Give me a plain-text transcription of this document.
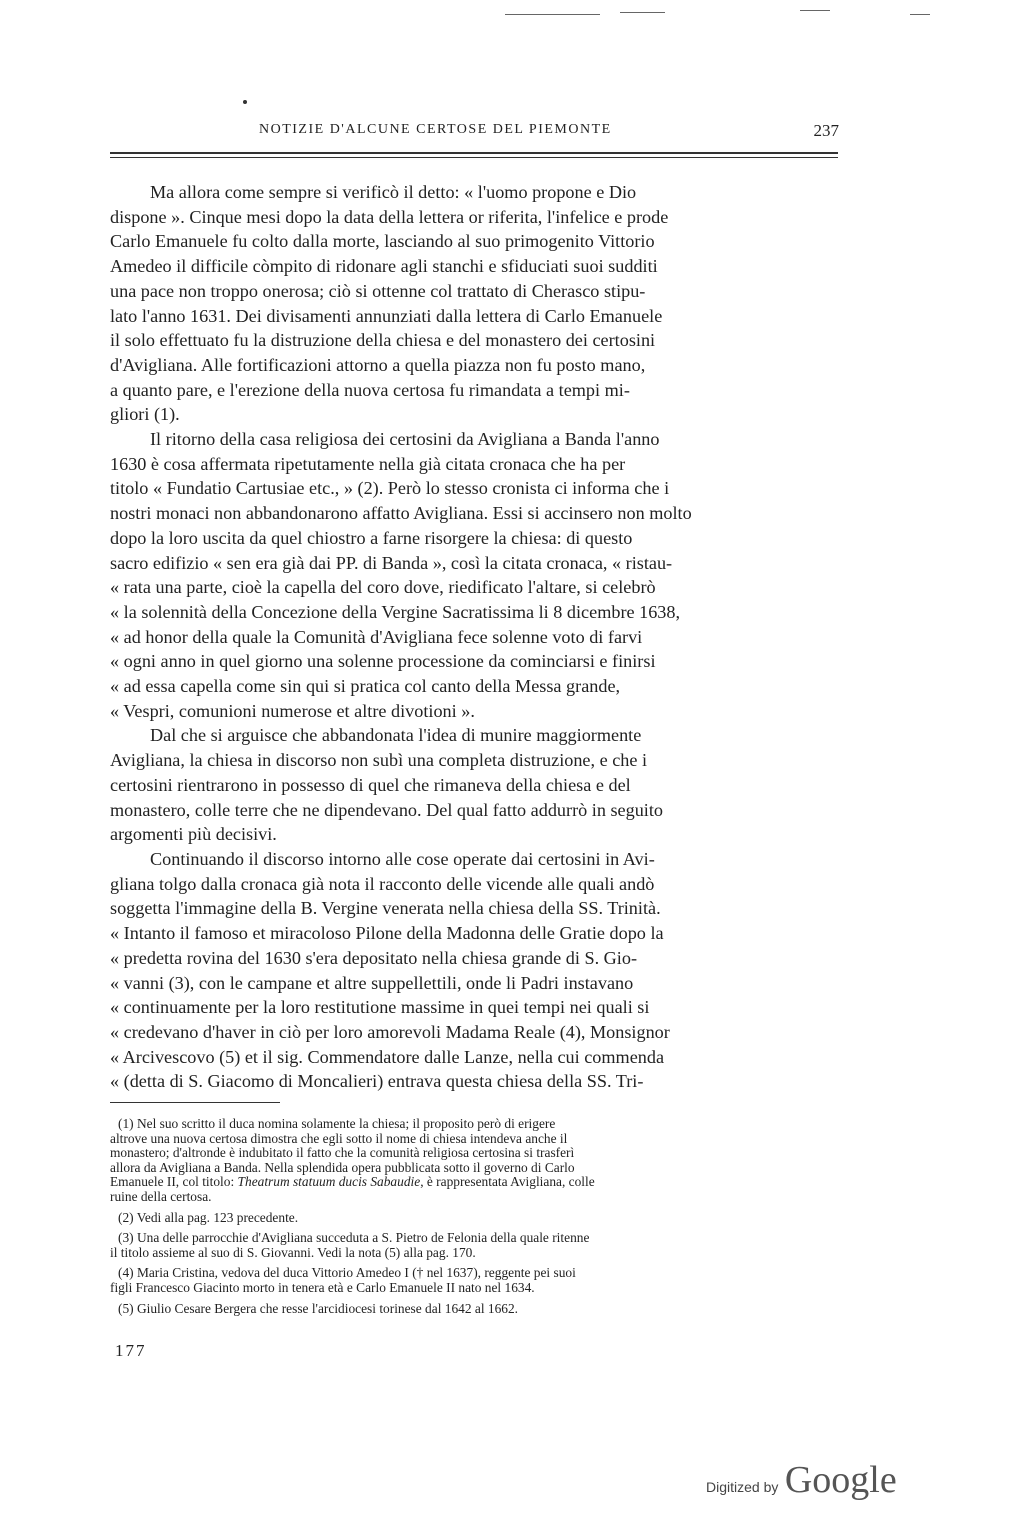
NOTIZIE D'ALCUNE CERTOSE DEL PIEMONTE	237
Ma allora come sempre si verificò il detto: « l'uomo propone e Dio
dispone ». Cinque mesi dopo la data della lettera or riferita, l'infelice e prode
Carlo Emanuele fu colto dalla morte, lasciando al suo primogenito Vittorio
Amedeo il difficile còmpito di ridonare agli stanchi e sfiduciati suoi sudditi
una pace non troppo onerosa; ciò si ottenne col trattato di Cherasco stipu-
lato l'anno 1631. Dei divisamenti annunziati dalla lettera di Carlo Emanuele
il solo effettuato fu la distruzione della chiesa e del monastero dei certosini
d'Avigliana. Alle fortificazioni attorno a quella piazza non fu posto mano,
a quanto pare, e l'erezione della nuova certosa fu rimandata a tempi mi-
gliori (1).
Il ritorno della casa religiosa dei certosini da Avigliana a Banda l'anno
1630 è cosa affermata ripetutamente nella già citata cronaca che ha per
titolo « Fundatio Cartusiae etc., » (2). Però lo stesso cronista ci informa che i
nostri monaci non abbandonarono affatto Avigliana. Essi si accinsero non molto
dopo la loro uscita da quel chiostro a farne risorgere la chiesa: di questo
sacro edifizio « sen era già dai PP. di Banda », così la citata cronaca, « ristau-
« rata una parte, cioè la capella del coro dove, riedificato l'altare, si celebrò
« la solennità della Concezione della Vergine Sacratissima li 8 dicembre 1638,
« ad honor della quale la Comunità d'Avigliana fece solenne voto di farvi
« ogni anno in quel giorno una solenne processione da cominciarsi e finirsi
« ad essa capella come sin qui si pratica col canto della Messa grande,
« Vespri, comunioni numerose et altre divotioni ».
Dal che si arguisce che abbandonata l'idea di munire maggiormente
Avigliana, la chiesa in discorso non subì una completa distruzione, e che i
certosini rientrarono in possesso di quel che rimaneva della chiesa e del
monastero, colle terre che ne dipendevano. Del qual fatto addurrò in seguito
argomenti più decisivi.
Continuando il discorso intorno alle cose operate dai certosini in Avi-
gliana tolgo dalla cronaca già nota il racconto delle vicende alle quali andò
soggetta l'immagine della B. Vergine venerata nella chiesa della SS. Trinità.
« Intanto il famoso et miracoloso Pilone della Madonna delle Gratie dopo la
« predetta rovina del 1630 s'era depositato nella chiesa grande di S. Gio-
« vanni (3), con le campane et altre suppellettili, onde li Padri instavano
« continuamente per la loro restitutione massime in quei tempi nei quali si
« credevano d'haver in ciò per loro amorevoli Madama Reale (4), Monsignor
« Arcivescovo (5) et il sig. Commendatore dalle Lanze, nella cui commenda
« (detta di S. Giacomo di Moncalieri) entrava questa chiesa della SS. Tri-
(1) Nel suo scritto il duca nomina solamente la chiesa; il proposito però di erigere
altrove una nuova certosa dimostra che egli sotto il nome di chiesa intendeva anche il
monastero; d'altronde è indubitato il fatto che la comunità religiosa certosina si trasferì
allora da Avigliana a Banda. Nella splendida opera pubblicata sotto il governo di Carlo
Emanuele II, col titolo: Theatrum statuum ducis Sabaudie, è rappresentata Avigliana, colle
ruine della certosa.
(2) Vedi alla pag. 123 precedente.
(3) Una delle parrocchie d'Avigliana succeduta a S. Pietro de Felonia della quale ritenne
il titolo assieme al suo di S. Giovanni. Vedi la nota (5) alla pag. 170.
(4) Maria Cristina, vedova del duca Vittorio Amedeo I († nel 1637), reggente pei suoi
figli Francesco Giacinto morto in tenera età e Carlo Emanuele II nato nel 1634.
(5) Giulio Cesare Bergera che resse l'arcidiocesi torinese dal 1642 al 1662.
177
Digitized by Google
